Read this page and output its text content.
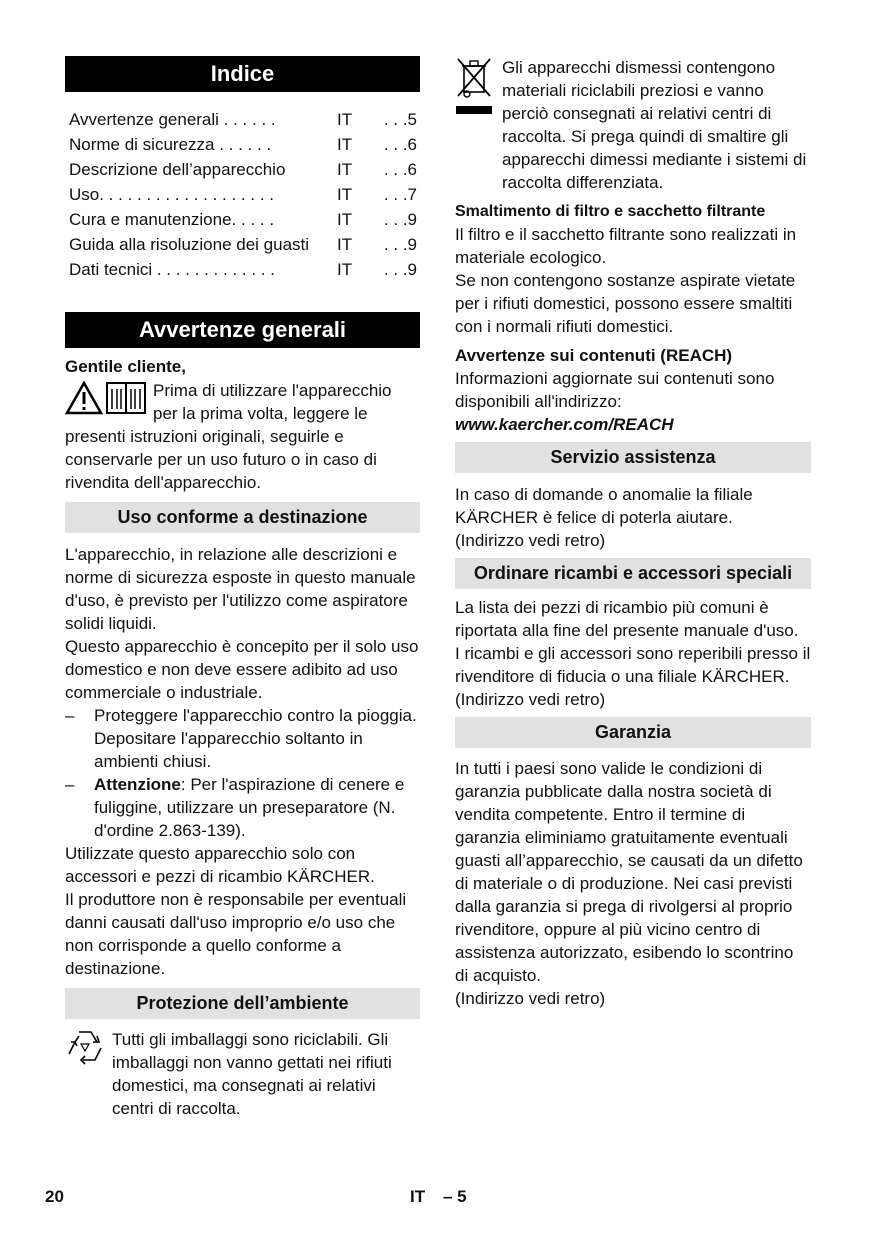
Indice
Avvertenze generali . . . . . .	IT	. . .5
Norme di sicurezza . . . . . .	IT	. . .6
Descrizione dell’apparecchio	IT	. . .6
Uso. . . . . . . . . . . . . . . . . . .	IT	. . .7
Cura e manutenzione. . . . .	IT	. . .9
Guida alla risoluzione dei guasti	IT	. . .9
Dati tecnici . . . . . . . . . . . . .	IT	. . .9
Avvertenze generali

Gentile cliente,

Prima di utilizzare l'apparecchio per la prima volta, leggere le

presenti istruzioni originali, seguirle e conservarle per un uso futuro o in caso di rivendita dell'apparecchio.

Uso conforme a destinazione

L'apparecchio, in relazione alle descrizioni e norme di sicurezza esposte in questo manuale d'uso, è previsto per l'utilizzo come aspiratore solidi liquidi.

Questo apparecchio è concepito per il solo uso domestico e non deve essere adibito ad uso commerciale o industriale.

–	Proteggere l'apparecchio contro la pioggia. Depositare l'apparecchio soltanto in ambienti chiusi.
–	Attenzione: Per l'aspirazione di cenere e fuliggine, utilizzare un preseparatore (N. d'ordine 2.863-139).

Utilizzate questo apparecchio solo con accessori e pezzi di ricambio KÄRCHER.

Il produttore non è responsabile per eventuali danni causati dall'uso improprio e/o uso che non corrisponde a quello conforme a destinazione.

Protezione dell’ambiente

Tutti gli imballaggi sono riciclabili. Gli imballaggi non vanno gettati nei rifiuti domestici, ma consegnati ai relativi centri di raccolta.

Gli apparecchi dismessi contengono materiali riciclabili preziosi e vanno perciò consegnati ai relativi centri di raccolta. Si prega quindi di smaltire gli apparecchi dimessi mediante i sistemi di raccolta differenziata.

Smaltimento di filtro e sacchetto filtrante

Il filtro e il sacchetto filtrante sono realizzati in materiale ecologico.

Se non contengono sostanze aspirate vietate per i rifiuti domestici, possono essere smaltiti con i normali rifiuti domestici.

Avvertenze sui contenuti (REACH)

Informazioni aggiornate sui contenuti sono disponibili all'indirizzo:

www.kaercher.com/REACH

Servizio assistenza

In caso di domande o anomalie la filiale KÄRCHER è felice di poterla aiutare.

(Indirizzo vedi retro)

Ordinare ricambi e accessori speciali

La lista dei pezzi di ricambio più comuni è riportata alla fine del presente manuale d'uso.

I ricambi e gli accessori sono reperibili presso il rivenditore di fiducia o una filiale KÄRCHER.

(Indirizzo vedi retro)

Garanzia

In tutti i paesi sono valide le condizioni di garanzia pubblicate dalla nostra società di vendita competente. Entro il termine di garanzia eliminiamo gratuitamente eventuali guasti all’apparecchio, se causati da un difetto di materiale o di produzione. Nei casi previsti dalla garanzia si prega di rivolgersi al proprio rivenditore, oppure al più vicino centro di assistenza autorizzato, esibendo lo scontrino di acquisto.

(Indirizzo vedi retro)

20	IT – 5
